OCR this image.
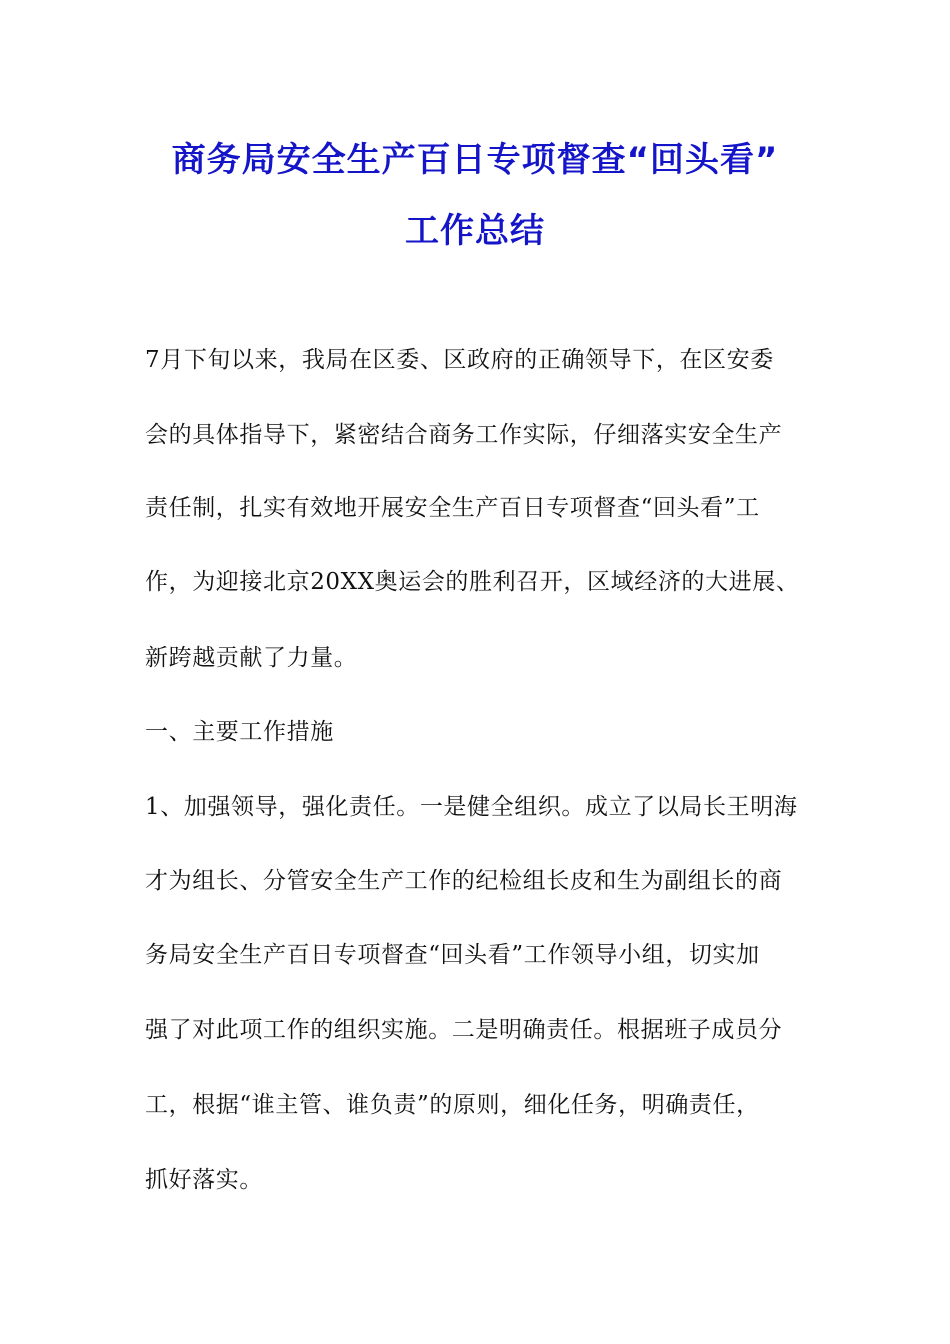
商务局安全生产百日专项督查“回头看”
工作总结
7月下旬以来，我局在区委、区政府的正确领导下，在区安委
会的具体指导下，紧密结合商务工作实际，仔细落实安全生产
责任制，扎实有效地开展安全生产百日专项督查“回头看”工
作，为迎接北京20XX奥运会的胜利召开，区域经济的大进展、
新跨越贡献了力量。
一、主要工作措施
1、加强领导，强化责任。一是健全组织。成立了以局长王明海
才为组长、分管安全生产工作的纪检组长皮和生为副组长的商
务局安全生产百日专项督查“回头看”工作领导小组，切实加
强了对此项工作的组织实施。二是明确责任。根据班子成员分
工，根据“谁主管、谁负责”的原则，细化任务，明确责任，
抓好落实。
